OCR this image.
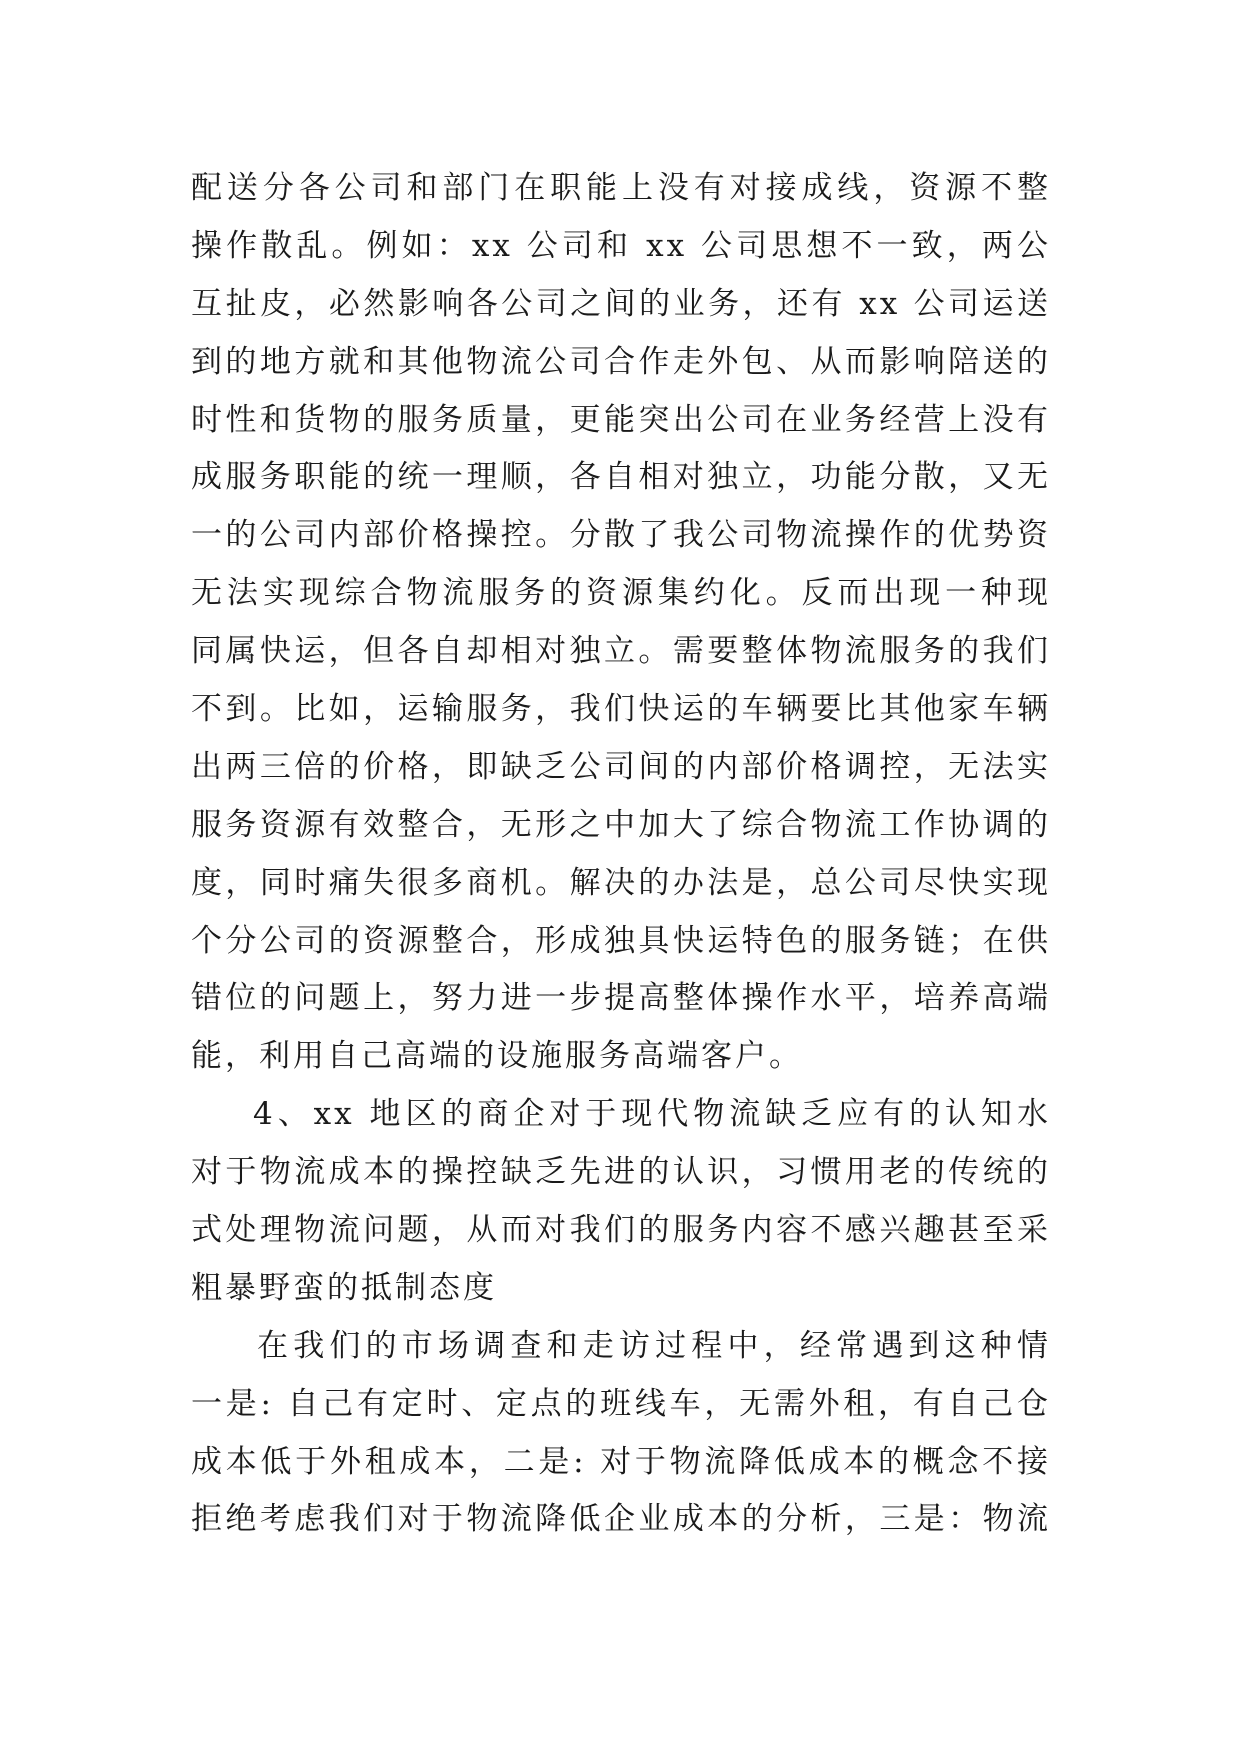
配送分各公司和部门在职能上没有对接成线，资源不整
操作散乱。例如：xx 公司和 xx 公司思想不一致，两公
互扯皮，必然影响各公司之间的业务，还有 xx 公司运送
到的地方就和其他物流公司合作走外包、从而影响陪送的
时性和货物的服务质量，更能突出公司在业务经营上没有
成服务职能的统一理顺，各自相对独立，功能分散，又无
一的公司内部价格操控。分散了我公司物流操作的优势资
无法实现综合物流服务的资源集约化。反而出现一种现
同属快运，但各自却相对独立。需要整体物流服务的我们
不到。比如，运输服务，我们快运的车辆要比其他家车辆
出两三倍的价格，即缺乏公司间的内部价格调控，无法实
服务资源有效整合，无形之中加大了综合物流工作协调的
度，同时痛失很多商机。解决的办法是，总公司尽快实现
个分公司的资源整合，形成独具快运特色的服务链；在供
错位的问题上，努力进一步提高整体操作水平，培养高端
能，利用自己高端的设施服务高端客户。
4、xx 地区的商企对于现代物流缺乏应有的认知水
对于物流成本的操控缺乏先进的认识，习惯用老的传统的
式处理物流问题，从而对我们的服务内容不感兴趣甚至采
粗暴野蛮的抵制态度
在我们的市场调查和走访过程中，经常遇到这种情
一是: 自己有定时、定点的班线车，无需外租，有自己仓
成本低于外租成本，二是: 对于物流降低成本的概念不接
拒绝考虑我们对于物流降低企业成本的分析，三是：物流
